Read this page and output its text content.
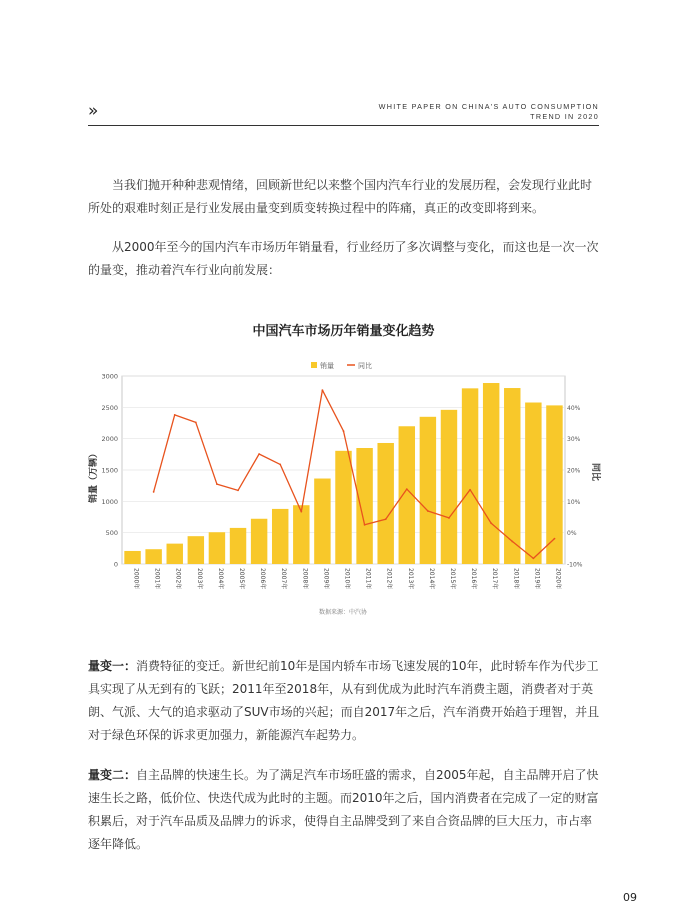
»	WHITE PAPER ON CHINA'S AUTO CONSUMPTION
TREND IN 2020

当我们抛开种种悲观情绪，回顾新世纪以来整个国内汽车行业的发展历程，会发现行业此时所处的艰难时刻正是行业发展由量变到质变转换过程中的阵痛，真正的改变即将到来。

从2000年至今的国内汽车市场历年销量看，行业经历了多次调整与变化，而这也是一次一次的量变，推动着汽车行业向前发展：

中国汽车市场历年销量变化趋势
0
500
1000
1500
2000
2500
3000
-10%
0%
10%
20%
30%
40%
2000年 2001年 2002年 2003年 2004年 2005年 2006年 2007年 2008年 2009年 2010年 2011年 2012年 2013年 2014年 2015年 2016年 2017年 2018年 2019年 2020年
销量	同比
销量（万辆）	同比
数据来源：中汽协

量变一：消费特征的变迁。新世纪前10年是国内轿车市场飞速发展的10年，此时轿车作为代步工具实现了从无到有的飞跃；2011年至2018年，从有到优成为此时汽车消费主题，消费者对于英朗、气派、大气的追求驱动了SUV市场的兴起；而自2017年之后，汽车消费开始趋于理智，并且对于绿色环保的诉求更加强力，新能源汽车起势力。

量变二：自主品牌的快速生长。为了满足汽车市场旺盛的需求，自2005年起，自主品牌开启了快速生长之路，低价位、快迭代成为此时的主题。而2010年之后，国内消费者在完成了一定的财富积累后，对于汽车品质及品牌力的诉求，使得自主品牌受到了来自合资品牌的巨大压力，市占率逐年降低。

09
